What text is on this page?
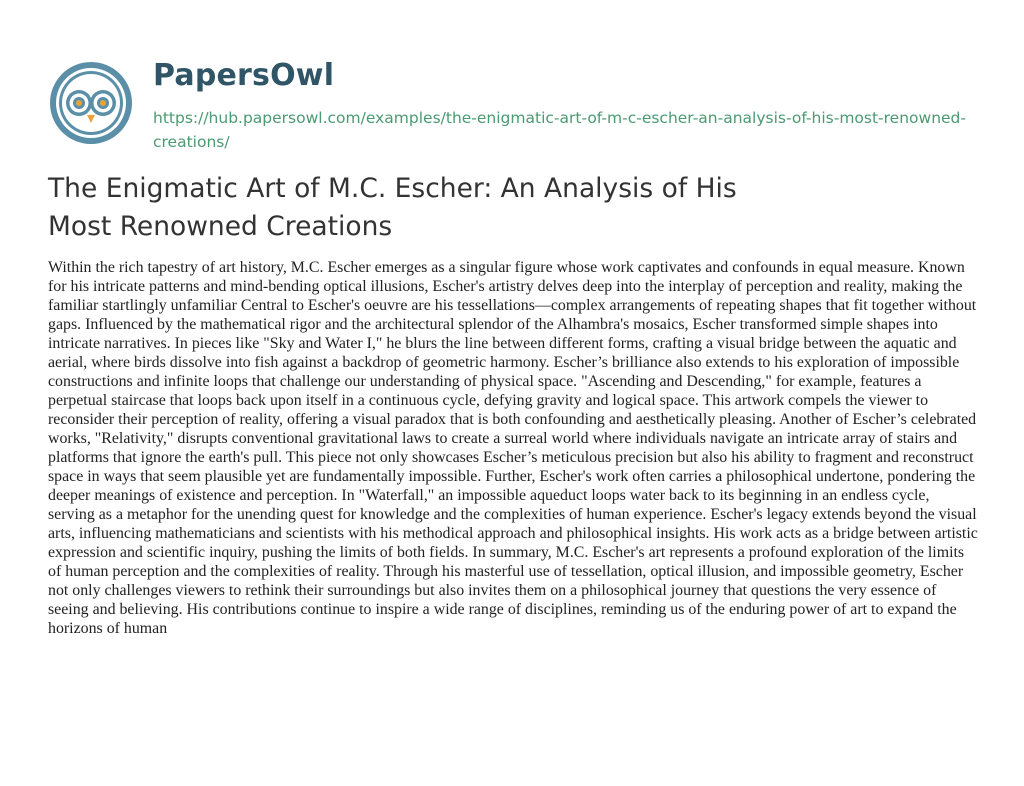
PapersOwl
https://hub.papersowl.com/examples/the-enigmatic-art-of-m-c-escher-an-analysis-of-his-most-renowned-creations/
The Enigmatic Art of M.C. Escher: An Analysis of His Most Renowned Creations

Within the rich tapestry of art history, M.C. Escher emerges as a singular figure whose work captivates and confounds in equal measure. Known for his intricate patterns and mind-bending optical illusions, Escher's artistry delves deep into the interplay of perception and reality, making the familiar startlingly unfamiliar Central to Escher's oeuvre are his tessellations—complex arrangements of repeating shapes that fit together without gaps. Influenced by the mathematical rigor and the architectural splendor of the Alhambra's mosaics, Escher transformed simple shapes into intricate narratives. In pieces like "Sky and Water I," he blurs the line between different forms, crafting a visual bridge between the aquatic and aerial, where birds dissolve into fish against a backdrop of geometric harmony. Escher’s brilliance also extends to his exploration of impossible constructions and infinite loops that challenge our understanding of physical space. "Ascending and Descending," for example, features a perpetual staircase that loops back upon itself in a continuous cycle, defying gravity and logical space. This artwork compels the viewer to reconsider their perception of reality, offering a visual paradox that is both confounding and aesthetically pleasing. Another of Escher’s celebrated works, "Relativity," disrupts conventional gravitational laws to create a surreal world where individuals navigate an intricate array of stairs and platforms that ignore the earth's pull. This piece not only showcases Escher’s meticulous precision but also his ability to fragment and reconstruct space in ways that seem plausible yet are fundamentally impossible. Further, Escher's work often carries a philosophical undertone, pondering the deeper meanings of existence and perception. In "Waterfall," an impossible aqueduct loops water back to its beginning in an endless cycle, serving as a metaphor for the unending quest for knowledge and the complexities of human experience. Escher's legacy extends beyond the visual arts, influencing mathematicians and scientists with his methodical approach and philosophical insights. His work acts as a bridge between artistic expression and scientific inquiry, pushing the limits of both fields. In summary, M.C. Escher's art represents a profound exploration of the limits of human perception and the complexities of reality. Through his masterful use of tessellation, optical illusion, and impossible geometry, Escher not only challenges viewers to rethink their surroundings but also invites them on a philosophical journey that questions the very essence of seeing and believing. His contributions continue to inspire a wide range of disciplines, reminding us of the enduring power of art to expand the horizons of human
